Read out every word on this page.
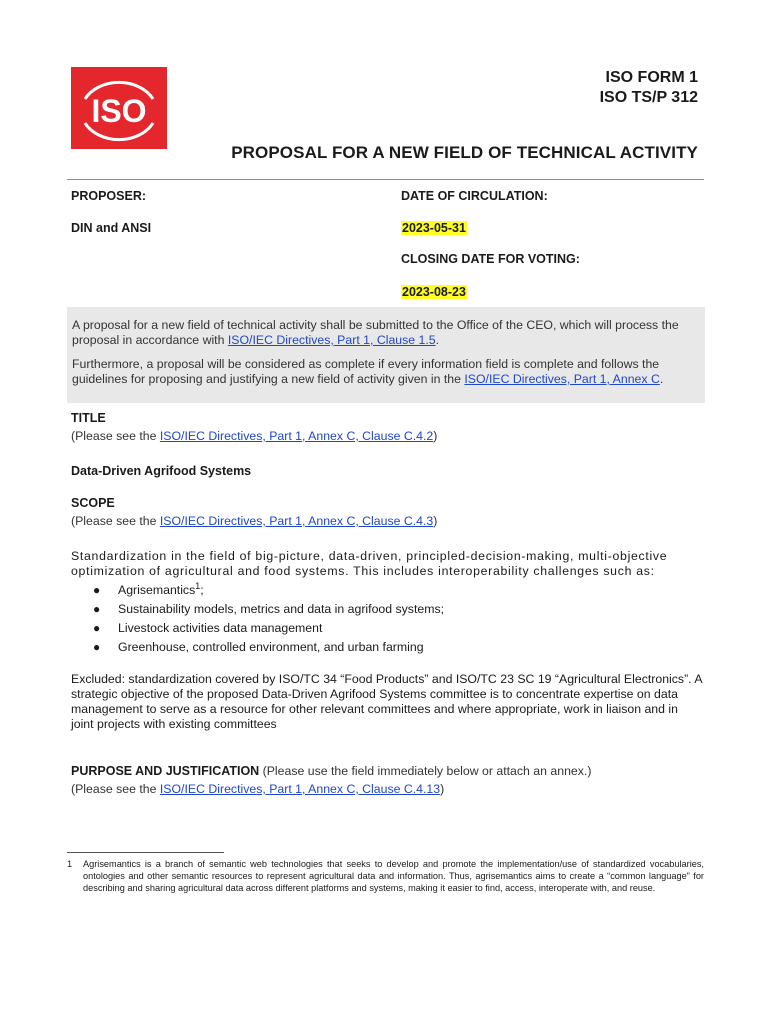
ISO
ISO FORM 1
ISO TS/P 312
PROPOSAL FOR A NEW FIELD OF TECHNICAL ACTIVITY
PROPOSER:
DIN and ANSI
DATE OF CIRCULATION:
2023-05-31
CLOSING DATE FOR VOTING:
2023-08-23

A proposal for a new field of technical activity shall be submitted to the Office of the CEO, which will process the proposal in accordance with ISO/IEC Directives, Part 1, Clause 1.5.

Furthermore, a proposal will be considered as complete if every information field is complete and follows the guidelines for proposing and justifying a new field of activity given in the ISO/IEC Directives, Part 1, Annex C.

TITLE
(Please see the ISO/IEC Directives, Part 1, Annex C, Clause C.4.2)
Data-Driven Agrifood Systems
SCOPE
(Please see the ISO/IEC Directives, Part 1, Annex C, Clause C.4.3)
Standardization in the field of big-picture, data-driven, principled-decision-making, multi-objective optimization of agricultural and food systems. This includes interoperability challenges such as:
● Agrisemantics$^1$;
● Sustainability models, metrics and data in agrifood systems;
● Livestock activities data management
● Greenhouse, controlled environment, and urban farming
Excluded: standardization covered by ISO/TC 34 “Food Products” and ISO/TC 23 SC 19 “Agricultural Electronics”. A strategic objective of the proposed Data-Driven Agrifood Systems committee is to concentrate expertise on data management to serve as a resource for other relevant committees and where appropriate, work in liaison and in joint projects with existing committees
PURPOSE AND JUSTIFICATION (Please use the field immediately below or attach an annex.)
(Please see the ISO/IEC Directives, Part 1, Annex C, Clause C.4.13)
1 Agrisemantics is a branch of semantic web technologies that seeks to develop and promote the implementation/use of standardized vocabularies, ontologies and other semantic resources to represent agricultural data and information. Thus, agrisemantics aims to create a “common language” for describing and sharing agricultural data across different platforms and systems, making it easier to find, access, interoperate with, and reuse.
